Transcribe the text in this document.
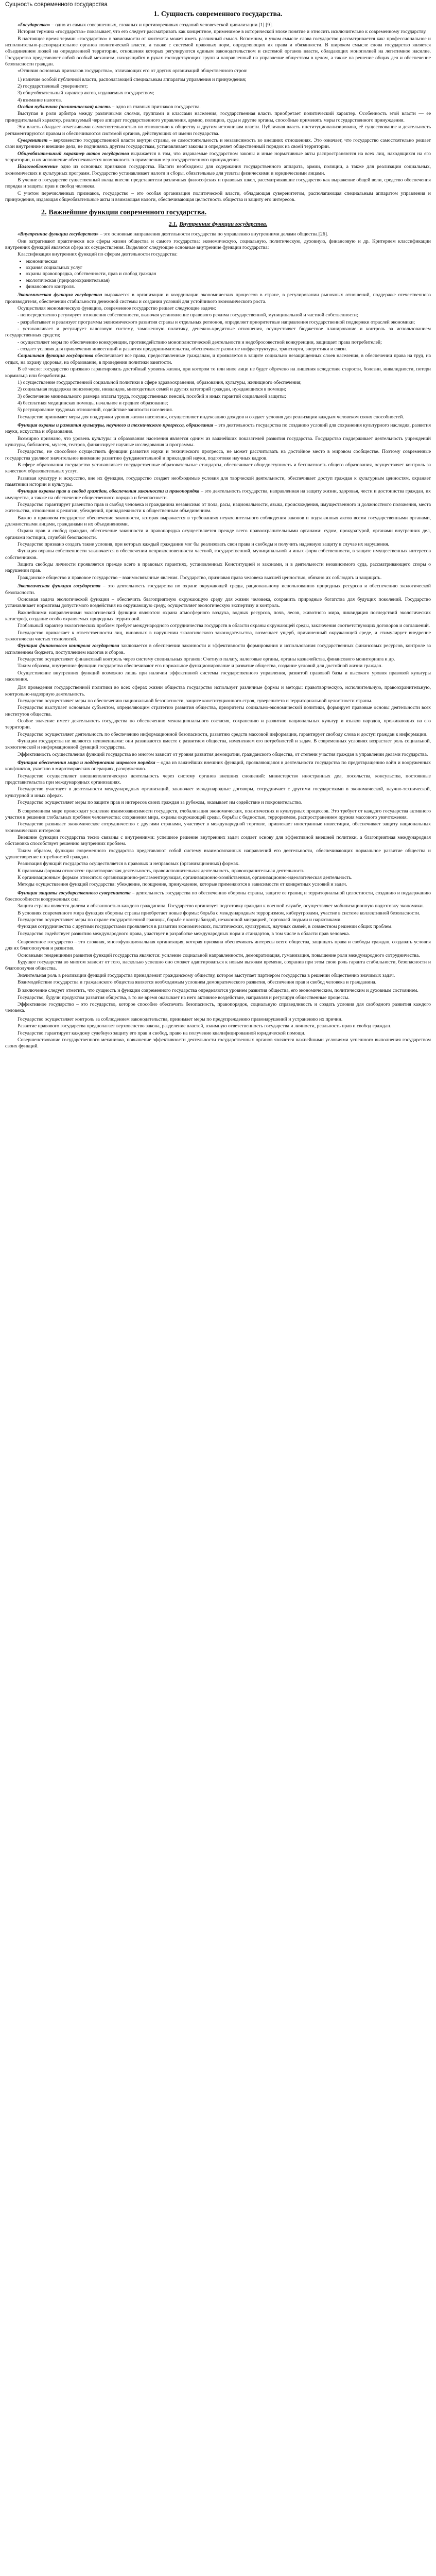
Сущность современного государства
1. Сущность современного государства.

«Государство» – одно из самых совершенных, сложных и противоречивых созданий человеческой цивилизации.[1] [9].

История термина «государство» показывает, что его следует рассматривать как концептное, применимое в исторической эпохе понятие и относить исключительно к современному государству.

В настоящее время термин «государство» в зависимости от контекста может иметь различный смысл. Вспомним, в узком смысле слова государство рассматривается как: профессиональное и исполнительно-распорядительное органов политической власти, а также с системой правовых норм, определяющих их права и обязанности. В широком смысле слова государство является объединением людей на определенной территории, отношения которых регулируются единым законодательством и системой органов власти, обладающих монополией на легитимное насилие. Государство представляет собой особый механизм, находящийся в руках господствующих групп и направленный на управление обществом в целом, а также на решение общих дел и обеспечение безопасности граждан.

«Отличия основных признаков государства», отличающих его от других организаций общественного строя:

1) наличие особой публичной власти, располагающей специальным аппаратом управления и принуждения;

2) государственный суверенитет;

3) общеобязательный характер актов, издаваемых государством;

4) взимание налогов.

Особая публичная (политическая) власть – одно из главных признаков государства.

Выступая в роли арбитра между различными слоями, группами и классами населения, государственная власть приобретает политический характер. Особенность этой власти — ее принудительный характер, реализуемый через аппарат государственного управления, армию, полицию, суды и другие органы, способные применять меры государственного принуждения.

Эта власть обладает отчетливыми самостоятельностью по отношению к обществу и другим источникам власти. Публичная власть институционализирована, её существование и деятельность регламентируются правом и обеспечиваются системой органов, действующих от имени государства.

Суверенитет – верховенство государственной власти внутри страны, ее самостоятельность и независимость во внешних отношениях. Это означает, что государство самостоятельно решает свои внутренние и внешние дела, не подчиняясь другим государствам, устанавливает законы и определяет общественный порядок на своей территории.

Общеобязательный характер актов государства выражается в том, что издаваемые государством законы и иные нормативные акты распространяются на всех лиц, находящихся на его территории, и их исполнение обеспечивается возможностью применения мер государственного принуждения.

Налогообложение одно из основных признаков государства. Налоги необходимы для содержания государственного аппарата, армии, полиции, а также для реализации социальных, экономических и культурных программ. Государство устанавливает налоги и сборы, обязательные для уплаты физическими и юридическими лицами.

В учение о государстве существенный вклад внесли представители различных философских и правовых школ, рассматривавшие государство как выражение общей воли, средство обеспечения порядка и защиты прав и свобод человека.

С учетом перечисленных признаков, государство – это особая организация политической власти, обладающая суверенитетом, располагающая специальным аппаратом управления и принуждения, издающая общеобязательные акты и взимающая налоги, обеспечивающая целостность общества и защиту его интересов.

2. Важнейшие функции современного государства.
2.1. Внутренние функции государства.

«Внутренние функции государства» – это основные направления деятельности государства по управлению внутренними делами общества.[26].

Они затрагивают практически все сферы жизни общества и самого государства: экономическую, социальную, политическую, духовную, финансовую и др. Критерием классификации внутренних функций является сфера их осуществления. Выделяют следующие основные внутренние функции государства:

Классификация внутренних функций по сферам деятельности государства:

• экономическая
• охраняя социальных услуг
• охраны правопорядка, собственности, прав и свобод граждан
• экологическая (природоохранительная)
• финансового контроля.

Экономическая функция государства выражается в организации и координации экономических процессов в стране, в регулировании рыночных отношений, поддержке отечественного производителя, обеспечении стабильности денежной системы и создании условий для устойчивого экономического роста.

Осуществляя экономическую функцию, современное государство решает следующие задачи:

- непосредственно регулирует отношения собственности, включая установление правового режима государственной, муниципальной и частной собственности;

- разрабатывает и реализует программы экономического развития страны и отдельных регионов, определяет приоритетные направления государственной поддержки отраслей экономики;

- устанавливает и регулирует налоговую систему, таможенную политику, денежно-кредитные отношения, осуществляет бюджетное планирование и контроль за использованием государственных средств;

- осуществляет меры по обеспечению конкуренции, противодействию монополистической деятельности и недобросовестной конкуренции, защищает права потребителей;

- создает условия для привлечения инвестиций и развития предпринимательства, обеспечивает развитие инфраструктуры, транспорта, энергетики и связи.

Социальная функция государства обеспечивает все права, предоставленные гражданам, и проявляется в защите социально незащищенных слоев населения, в обеспечении права на труд, на отдых, на охрану здоровья, на образование, в проведении политики занятости.

В её числе: государство призвано гарантировать достойный уровень жизни, при котором то или иное лицо не будет обречено на лишения вследствие старости, болезни, инвалидности, потери кормильца или безработицы.

1) осуществление государственной социальной политики в сфере здравоохранения, образования, культуры, жилищного обеспечения;

2) социальная поддержка пенсионеров, инвалидов, многодетных семей и других категорий граждан, нуждающихся в помощи;

3) обеспечение минимального размера оплаты труда, государственных пенсий, пособий и иных гарантий социальной защиты;

4) бесплатная медицинская помощь, начальное и среднее образование;

5) регулирование трудовых отношений, содействие занятости населения.

Государство принимает меры для поддержки уровня жизни населения, осуществляет индексацию доходов и создает условия для реализации каждым человеком своих способностей.

Функция охраны и развития культуры, научного и технического прогресса, образования – это деятельность государства по созданию условий для сохранения культурного наследия, развития науки, искусства и образования.

Всемирно признано, что уровень культуры и образования населения является одним из важнейших показателей развития государства. Государство поддерживает деятельность учреждений культуры, библиотек, музеев, театров, финансирует научные исследования и программы.

Государство, не способное осуществить функции развития науки и технического прогресса, не может рассчитывать на достойное место в мировом сообществе. Поэтому современные государства уделяют значительное внимание развитию фундаментальной и прикладной науки, подготовке научных кадров.

В сфере образования государство устанавливает государственные образовательные стандарты, обеспечивает общедоступность и бесплатность общего образования, осуществляет контроль за качеством образовательных услуг.

Развивая культуру и искусство, вне их функции, государство создает необходимые условия для творческой деятельности, обеспечивает доступ граждан к культурным ценностям, охраняет памятники истории и культуры.

Функция охраны прав и свобод граждан, обеспечения законности и правопорядка – это деятельность государства, направленная на защиту жизни, здоровья, чести и достоинства граждан, их имущества, а также на обеспечение общественного порядка и безопасности.

Государство гарантирует равенство прав и свобод человека и гражданина независимо от пола, расы, национальности, языка, происхождения, имущественного и должностного положения, места жительства, отношения к религии, убеждений, принадлежности к общественным объединениям.

Важно в правовом государстве обеспечение законности, которая выражается в требованиях неукоснительного соблюдения законов и подзаконных актов всеми государственными органами, должностными лицами, гражданами и их объединениями.

Охрана прав и свобод граждан, обеспечение законности и правопорядка осуществляется прежде всего правоохранительными органами: судом, прокуратурой, органами внутренних дел, органами юстиции, службой безопасности.

Государство призвано создать такие условия, при которых каждый гражданин мог бы реализовать свои права и свободы и получить надежную защиту в случае их нарушения.

Функция охраны собственности заключается в обеспечении неприкосновенности частной, государственной, муниципальной и иных форм собственности, в защите имущественных интересов собственников.

Защита свободы личности проявляется прежде всего в правовых гарантиях, установленных Конституцией и законами, и в деятельности независимого суда, рассматривающего споры о нарушении прав.

Гражданское общество и правовое государство – взаимосвязанные явления. Государство, признавая права человека высшей ценностью, обязано их соблюдать и защищать.

Экологическая функция государства – это деятельность государства по охране окружающей среды, рациональному использованию природных ресурсов и обеспечению экологической безопасности.

Основная задача экологической функции – обеспечить благоприятную окружающую среду для жизни человека, сохранить природные богатства для будущих поколений. Государство устанавливает нормативы допустимого воздействия на окружающую среду, осуществляет экологическую экспертизу и контроль.

Важнейшими направлениями экологической функции являются: охрана атмосферного воздуха, водных ресурсов, почв, лесов, животного мира, ликвидация последствий экологических катастроф, создание особо охраняемых природных территорий.

Глобальный характер экологических проблем требует международного сотрудничества государств в области охраны окружающей среды, заключения соответствующих договоров и соглашений.

Государство привлекает к ответственности лиц, виновных в нарушении экологического законодательства, возмещает ущерб, причиненный окружающей среде, и стимулирует внедрение экологически чистых технологий.

Функция финансового контроля государства заключается в обеспечении законности и эффективности формирования и использования государственных финансовых ресурсов, контроле за исполнением бюджета, поступлением налогов и сборов.

Государство осуществляет финансовый контроль через систему специальных органов: Счетную палату, налоговые органы, органы казначейства, финансового мониторинга и др.

Таким образом, внутренние функции государства обеспечивают его нормальное функционирование и развитие общества, создание условий для достойной жизни граждан.

Осуществление внутренних функций возможно лишь при наличии эффективной системы государственного управления, развитой правовой базы и высокого уровня правовой культуры населения.

Для проведения государственной политики во всех сферах жизни общества государство использует различные формы и методы: правотворческую, исполнительную, правоохранительную, контрольно-надзорную деятельность.

Государство осуществляет меры по обеспечению национальной безопасности, защите конституционного строя, суверенитета и территориальной целостности страны.

Государство выступает основным субъектом, определяющим стратегию развития общества, приоритеты социально-экономической политики, формирует правовые основы деятельности всех институтов общества.

Особое значение имеет деятельность государства по обеспечению межнационального согласия, сохранению и развитию национальных культур и языков народов, проживающих на его территории.

Государство осуществляет деятельность по обеспечению информационной безопасности, развитию средств массовой информации, гарантирует свободу слова и доступ граждан к информации.

Функции государства не являются неизменными: они развиваются вместе с развитием общества, изменением его потребностей и задач. В современных условиях возрастает роль социальной, экологической и информационной функций государства.

Эффективность осуществления функций государства во многом зависит от уровня развития демократии, гражданского общества, от степени участия граждан в управлении делами государства.

Функция обеспечения мира и поддержания мирового порядка – одна из важнейших внешних функций, проявляющаяся в деятельности государства по предотвращению войн и вооруженных конфликтов, участию в миротворческих операциях, разоружению.

Государство осуществляет внешнеполитическую деятельность через систему органов внешних сношений: министерство иностранных дел, посольства, консульства, постоянные представительства при международных организациях.

Государство участвует в деятельности международных организаций, заключает международные договоры, сотрудничает с другими государствами в экономической, научно-технической, культурной и иных сферах.

Государство осуществляет меры по защите прав и интересов своих граждан за рубежом, оказывает им содействие и покровительство.

В современном мире происходит усиление взаимозависимости государств, глобализация экономических, политических и культурных процессов. Это требует от каждого государства активного участия в решении глобальных проблем человечества: сохранения мира, охраны окружающей среды, борьбы с бедностью, терроризмом, распространением оружия массового уничтожения.

Государство развивает экономическое сотрудничество с другими странами, участвует в международной торговле, привлекает иностранные инвестиции, обеспечивает защиту национальных экономических интересов.

Внешние функции государства тесно связаны с внутренними: успешное решение внутренних задач создает основу для эффективной внешней политики, а благоприятная международная обстановка способствует решению внутренних проблем.

Таким образом, функции современного государства представляют собой систему взаимосвязанных направлений его деятельности, обеспечивающих нормальное развитие общества и удовлетворение потребностей граждан.

Реализация функций государства осуществляется в правовых и неправовых (организационных) формах.

К правовым формам относятся: правотворческая деятельность, правоисполнительная деятельность, правоохранительная деятельность.

К организационным формам относятся: организационно-регламентирующая, организационно-хозяйственная, организационно-идеологическая деятельность.

Методы осуществления функций государства: убеждение, поощрение, принуждение, которые применяются в зависимости от конкретных условий и задач.

Функция защиты государственного суверенитета – деятельность государства по обеспечению обороны страны, защите ее границ и территориальной целостности, созданию и поддержанию боеспособности вооруженных сил.

Защита страны является долгом и обязанностью каждого гражданина. Государство организует подготовку граждан к военной службе, осуществляет мобилизационную подготовку экономики.

В условиях современного мира функция обороны страны приобретает новые формы: борьба с международным терроризмом, киберугрозами, участие в системе коллективной безопасности.

Государство осуществляет меры по охране государственной границы, борьбе с контрабандой, незаконной миграцией, торговлей людьми и наркотиками.

Функция сотрудничества с другими государствами проявляется в развитии экономических, политических, культурных, научных связей, в совместном решении общих проблем.

Государство содействует развитию международного права, участвует в разработке международных норм и стандартов, в том числе в области прав человека.

Современное государство – это сложная, многофункциональная организация, которая призвана обеспечивать интересы всего общества, защищать права и свободы граждан, создавать условия для их благополучия и развития.

Основными тенденциями развития функций государства являются: усиление социальной направленности, демократизация, гуманизация, повышение роли международного сотрудничества.

Будущее государства во многом зависит от того, насколько успешно оно сможет адаптироваться к новым вызовам времени, сохранив при этом свою роль гаранта стабильности, безопасности и благополучия общества.

Значительная роль в реализации функций государства принадлежит гражданскому обществу, которое выступает партнером государства в решении общественно значимых задач.

Взаимодействие государства и гражданского общества является необходимым условием демократического развития, обеспечения прав и свобод человека и гражданина.

В заключение следует отметить, что сущность и функции современного государства определяются уровнем развития общества, его экономическим, политическим и духовным состоянием.

Государство, будучи продуктом развития общества, в то же время оказывает на него активное воздействие, направляя и регулируя общественные процессы.

Эффективное государство – это государство, которое способно обеспечить безопасность, правопорядок, социальную справедливость и создать условия для свободного развития каждого человека.

Государство осуществляет контроль за соблюдением законодательства, принимает меры по предупреждению правонарушений и устранению их причин.

Развитие правового государства предполагает верховенство закона, разделение властей, взаимную ответственность государства и личности, реальность прав и свобод граждан.

Государство гарантирует каждому судебную защиту его прав и свобод, право на получение квалифицированной юридической помощи.

Совершенствование государственного механизма, повышение эффективности деятельности государственных органов являются важнейшими условиями успешного выполнения государством своих функций.
